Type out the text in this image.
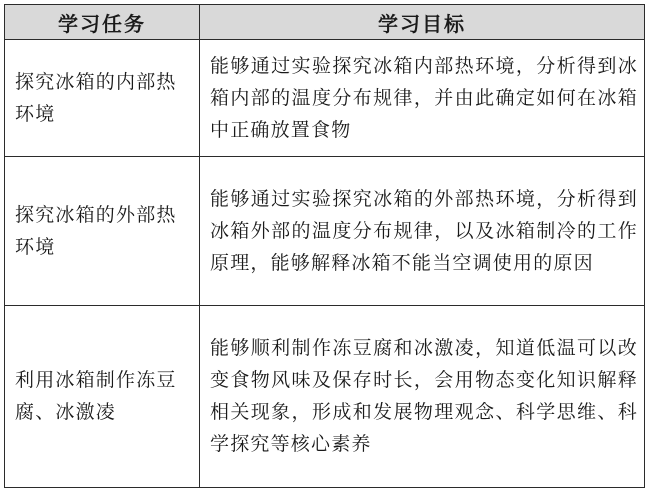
学习任务	学习目标
探究冰箱的内部热环境	能够通过实验探究冰箱内部热环境，分析得到冰箱内部的温度分布规律，并由此确定如何在冰箱中正确放置食物
探究冰箱的外部热环境	能够通过实验探究冰箱的外部热环境，分析得到冰箱外部的温度分布规律，以及冰箱制冷的工作原理，能够解释冰箱不能当空调使用的原因
利用冰箱制作冻豆腐、冰激凌	能够顺利制作冻豆腐和冰激凌，知道低温可以改变食物风味及保存时长，会用物态变化知识解释相关现象，形成和发展物理观念、科学思维、科学探究等核心素养
